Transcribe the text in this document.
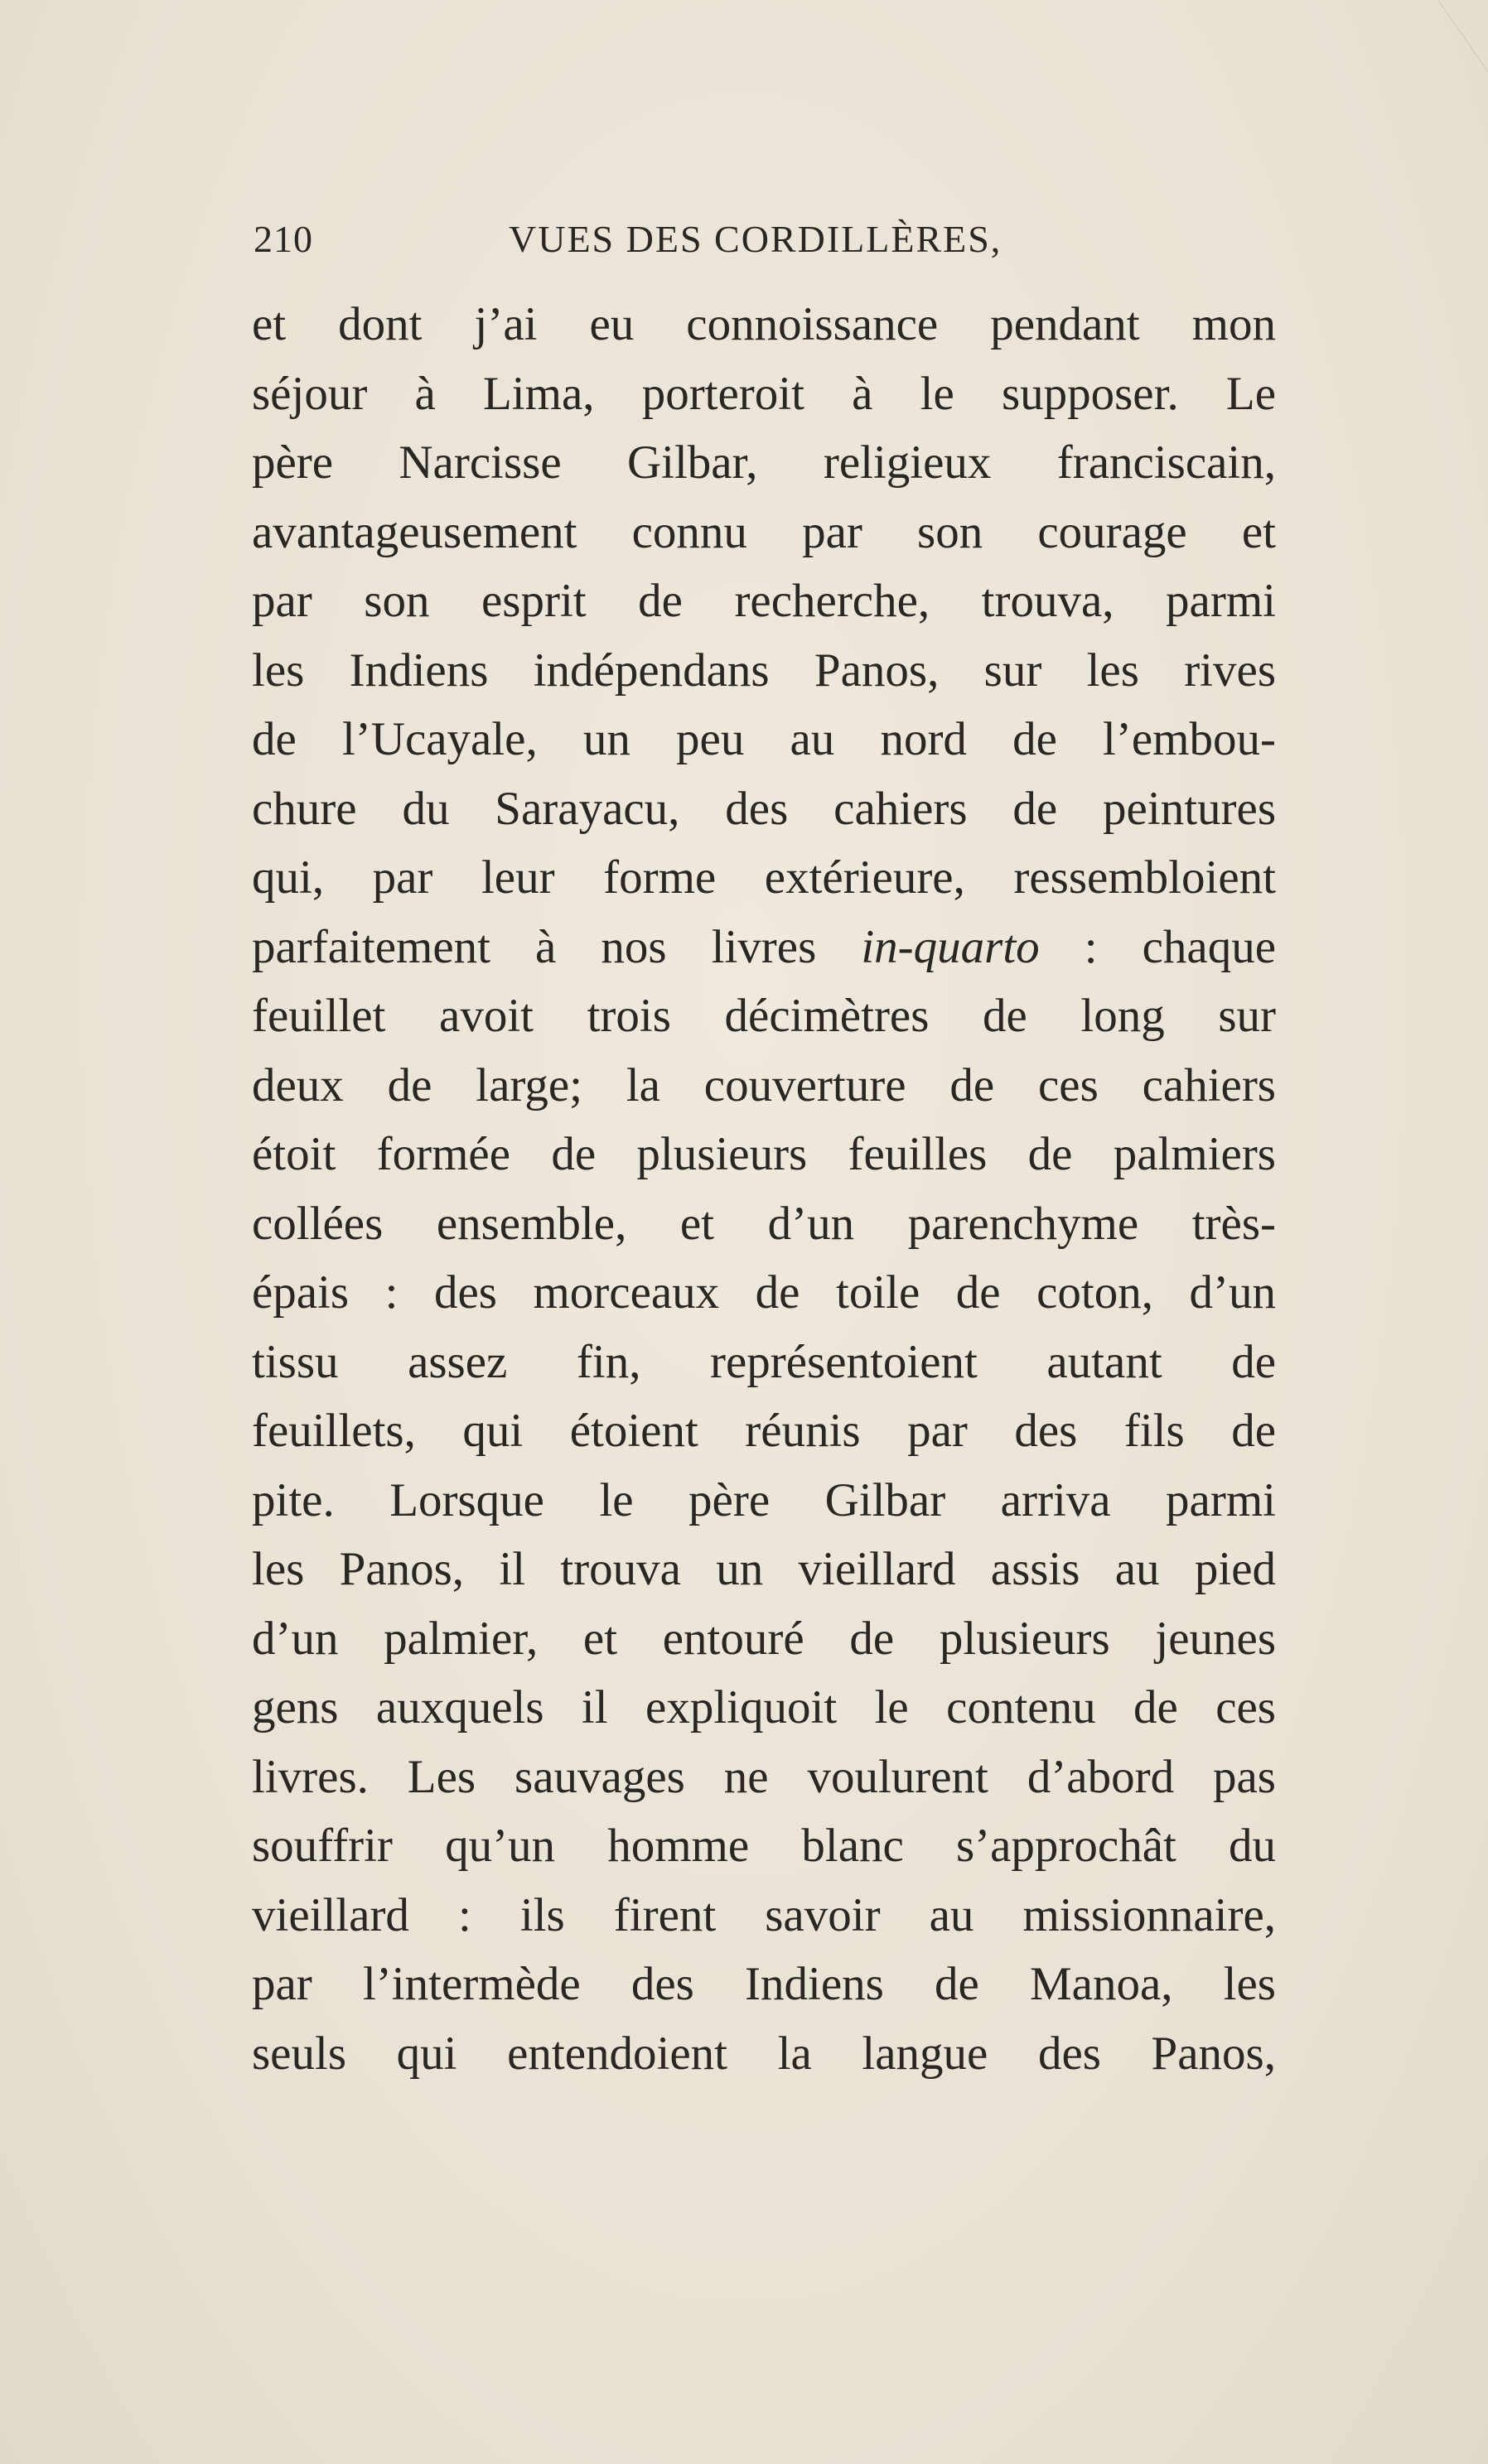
210	VUES DES CORDILLÈRES,
et dont j’ai eu connoissance pendant mon
séjour à Lima, porteroit à le supposer. Le
père Narcisse Gilbar, religieux franciscain,
avantageusement connu par son courage et
par son esprit de recherche, trouva, parmi
les Indiens indépendans Panos, sur les rives
de l’Ucayale, un peu au nord de l’embou-
chure du Sarayacu, des cahiers de peintures
qui, par leur forme extérieure, ressembloient
parfaitement à nos livres in-quarto : chaque
feuillet avoit trois décimètres de long sur
deux de large; la couverture de ces cahiers
étoit formée de plusieurs feuilles de palmiers
collées ensemble, et d’un parenchyme très-
épais : des morceaux de toile de coton, d’un
tissu assez fin, représentoient autant de
feuillets, qui étoient réunis par des fils de
pite. Lorsque le père Gilbar arriva parmi
les Panos, il trouva un vieillard assis au pied
d’un palmier, et entouré de plusieurs jeunes
gens auxquels il expliquoit le contenu de ces
livres. Les sauvages ne voulurent d’abord pas
souffrir qu’un homme blanc s’approchât du
vieillard : ils firent savoir au missionnaire,
par l’intermède des Indiens de Manoa, les
seuls qui entendoient la langue des Panos,
